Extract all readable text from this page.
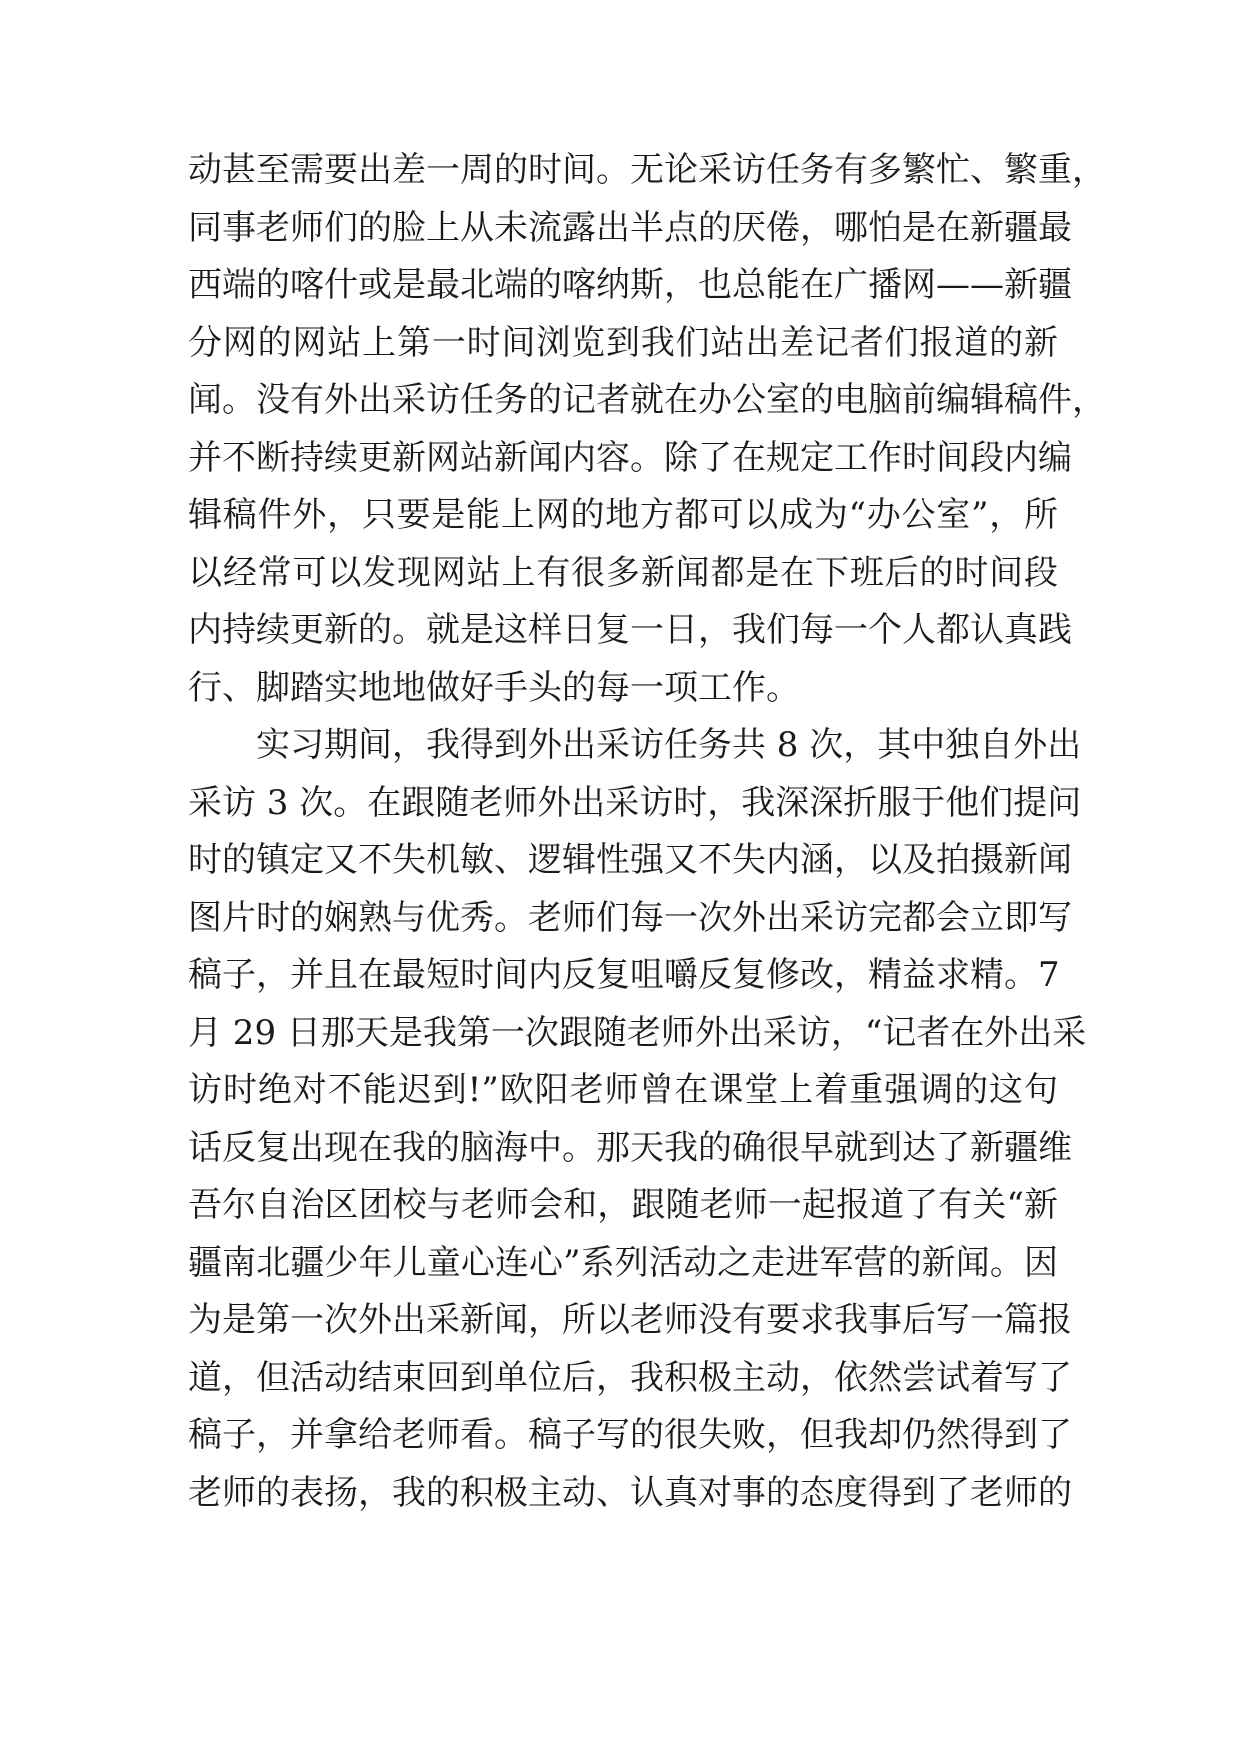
动甚至需要出差一周的时间。无论采访任务有多繁忙、繁重，
同事老师们的脸上从未流露出半点的厌倦，哪怕是在新疆最
西端的喀什或是最北端的喀纳斯，也总能在广播网——新疆
分网的网站上第一时间浏览到我们站出差记者们报道的新
闻。没有外出采访任务的记者就在办公室的电脑前编辑稿件，
并不断持续更新网站新闻内容。除了在规定工作时间段内编
辑稿件外，只要是能上网的地方都可以成为“办公室”，所
以经常可以发现网站上有很多新闻都是在下班后的时间段
内持续更新的。就是这样日复一日，我们每一个人都认真践
行、脚踏实地地做好手头的每一项工作。
实习期间，我得到外出采访任务共 8 次，其中独自外出
采访 3 次。在跟随老师外出采访时，我深深折服于他们提问
时的镇定又不失机敏、逻辑性强又不失内涵，以及拍摄新闻
图片时的娴熟与优秀。老师们每一次外出采访完都会立即写
稿子，并且在最短时间内反复咀嚼反复修改，精益求精。7
月 29 日那天是我第一次跟随老师外出采访，“记者在外出采
访时绝对不能迟到!”欧阳老师曾在课堂上着重强调的这句
话反复出现在我的脑海中。那天我的确很早就到达了新疆维
吾尔自治区团校与老师会和，跟随老师一起报道了有关“新
疆南北疆少年儿童心连心”系列活动之走进军营的新闻。因
为是第一次外出采新闻，所以老师没有要求我事后写一篇报
道，但活动结束回到单位后，我积极主动，依然尝试着写了
稿子，并拿给老师看。稿子写的很失败，但我却仍然得到了
老师的表扬，我的积极主动、认真对事的态度得到了老师的
